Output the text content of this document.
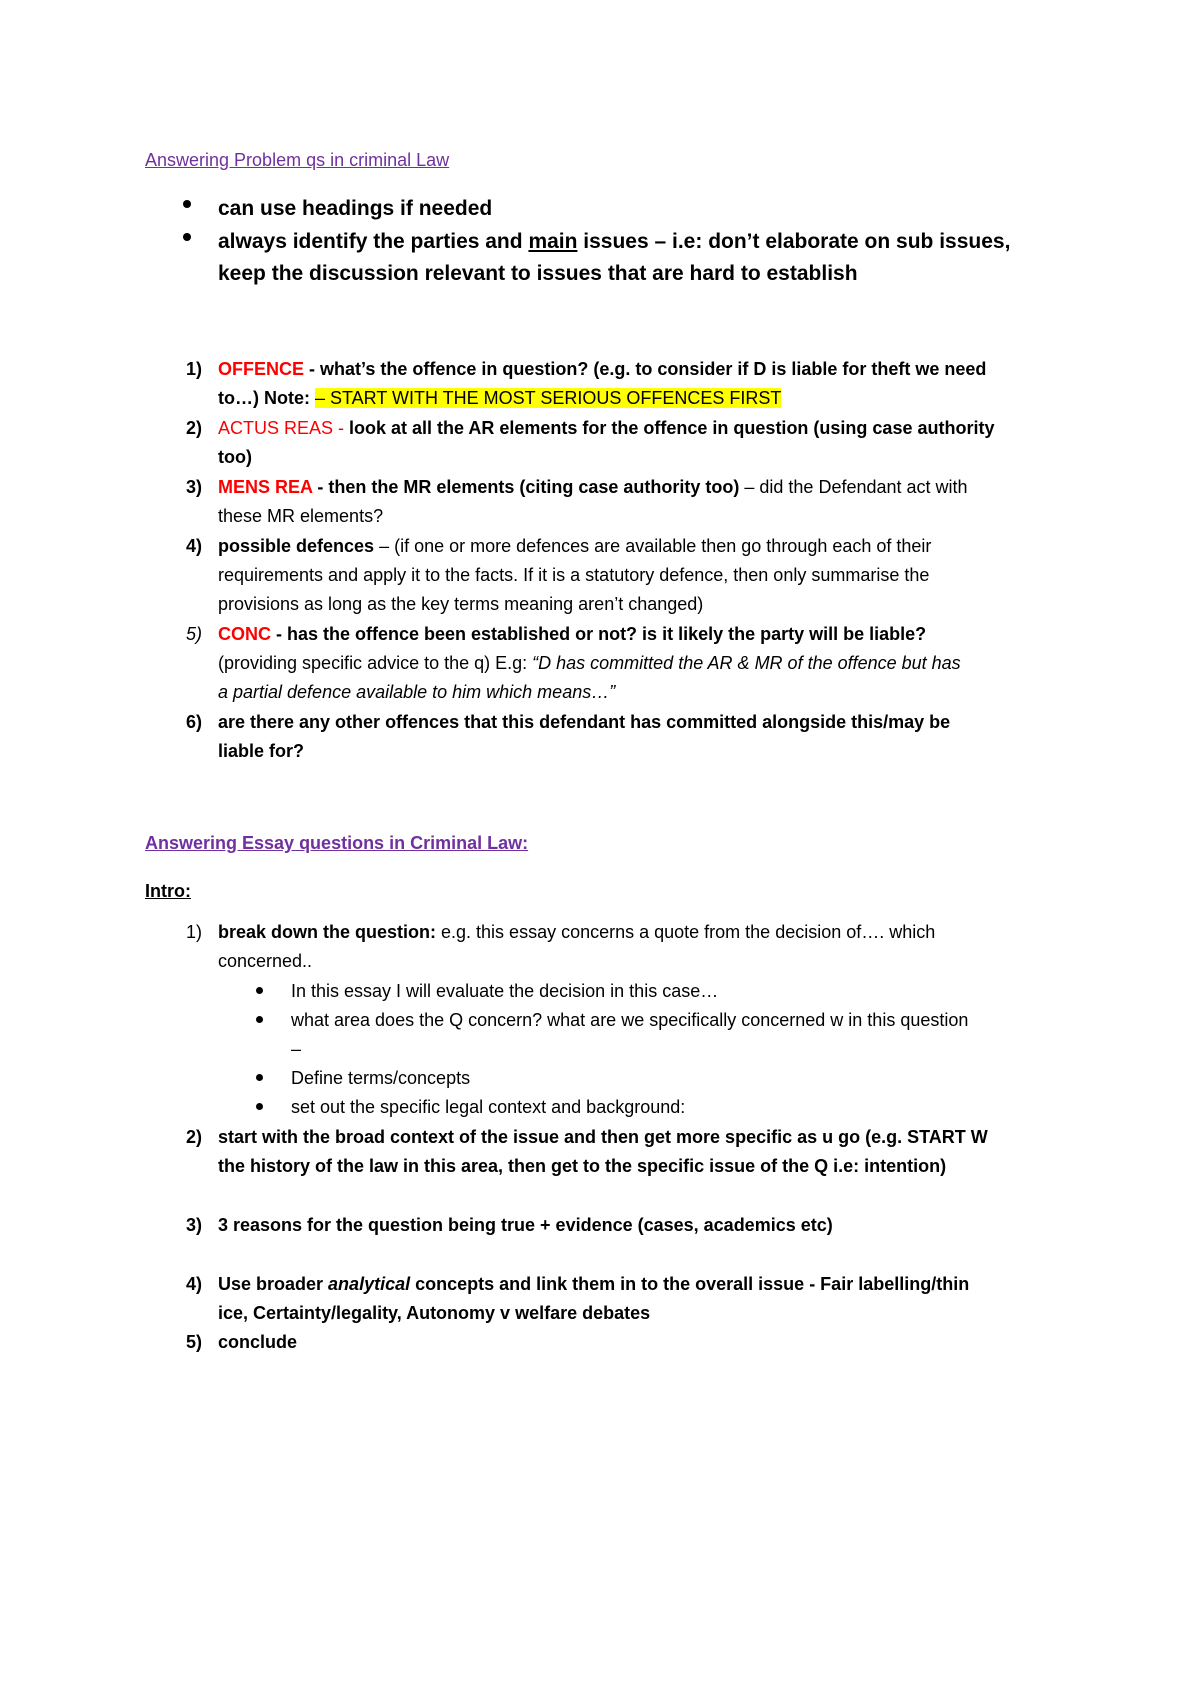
Answering Problem qs in criminal Law
can use headings if needed
always identify the parties and main issues – i.e: don’t elaborate on sub issues,
keep the discussion relevant to issues that are hard to establish
1) OFFENCE - what’s the offence in question? (e.g. to consider if D is liable for theft we need
to…) Note: – START WITH THE MOST SERIOUS OFFENCES FIRST
2) ACTUS REAS - look at all the AR elements for the offence in question (using case authority
too)
3) MENS REA - then the MR elements (citing case authority too) – did the Defendant act with
these MR elements?
4) possible defences – (if one or more defences are available then go through each of their
requirements and apply it to the facts. If it is a statutory defence, then only summarise the
provisions as long as the key terms meaning aren’t changed)
5) CONC - has the offence been established or not? is it likely the party will be liable?
(providing specific advice to the q) E.g: “D has committed the AR & MR of the offence but has
a partial defence available to him which means…”
6) are there any other offences that this defendant has committed alongside this/may be
liable for?
Answering Essay questions in Criminal Law:
Intro:
1) break down the question: e.g. this essay concerns a quote from the decision of…. which
concerned..
In this essay I will evaluate the decision in this case…
what area does the Q concern? what are we specifically concerned w in this question
–
Define terms/concepts
set out the specific legal context and background:
2) start with the broad context of the issue and then get more specific as u go (e.g. START W
the history of the law in this area, then get to the specific issue of the Q i.e: intention)
3) 3 reasons for the question being true + evidence (cases, academics etc)
4) Use broader analytical concepts and link them in to the overall issue - Fair labelling/thin
ice, Certainty/legality, Autonomy v welfare debates
5) conclude
